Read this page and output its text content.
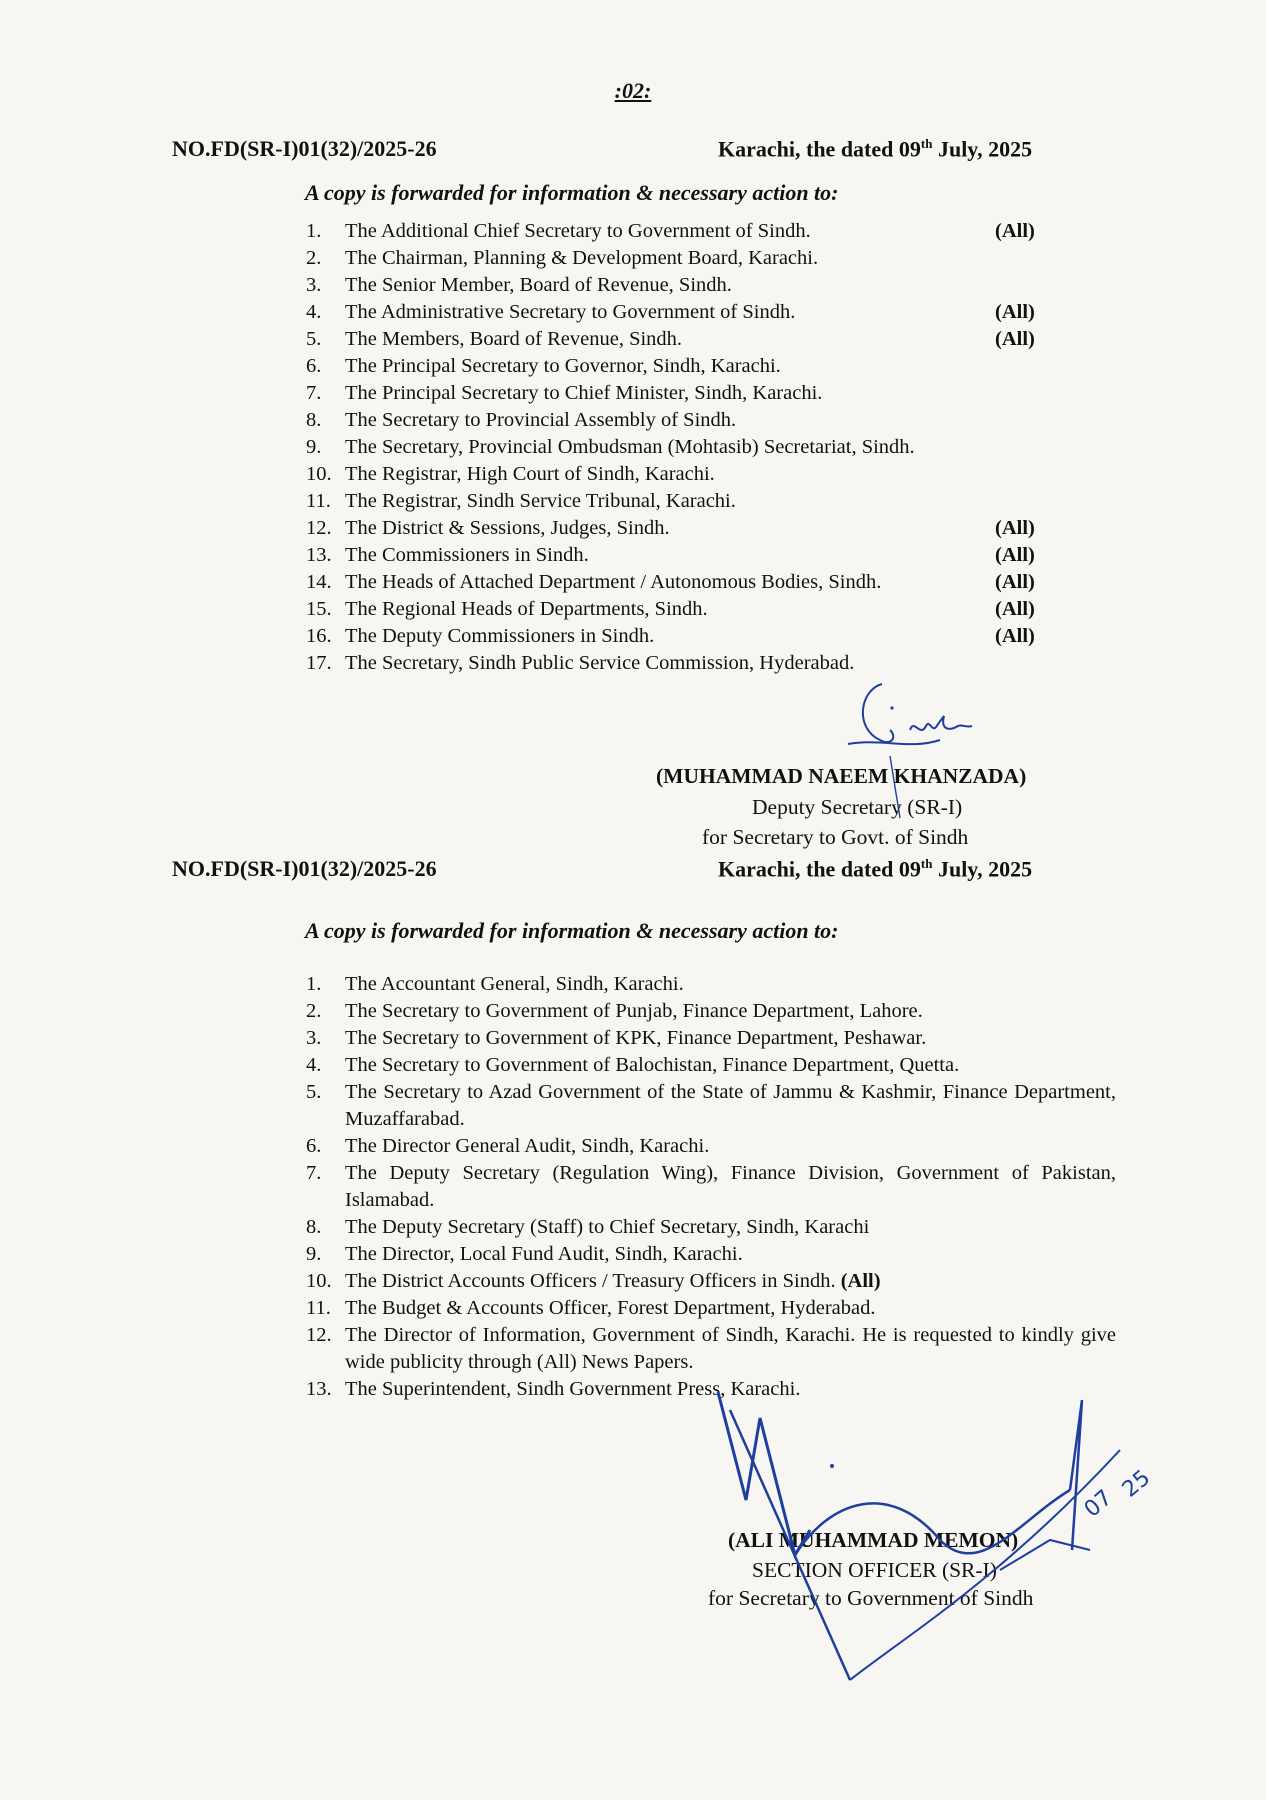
:02:
NO.FD(SR-I)01(32)/2025-26	Karachi, the dated 09th July, 2025
A copy is forwarded for information & necessary action to:
1.	The Additional Chief Secretary to Government of Sindh.	(All)
2.	The Chairman, Planning & Development Board, Karachi.
3.	The Senior Member, Board of Revenue, Sindh.
4.	The Administrative Secretary to Government of Sindh.	(All)
5.	The Members, Board of Revenue, Sindh.	(All)
6.	The Principal Secretary to Governor, Sindh, Karachi.
7.	The Principal Secretary to Chief Minister, Sindh, Karachi.
8.	The Secretary to Provincial Assembly of Sindh.
9.	The Secretary, Provincial Ombudsman (Mohtasib) Secretariat, Sindh.
10. The Registrar, High Court of Sindh, Karachi.
11. The Registrar, Sindh Service Tribunal, Karachi.
12. The District & Sessions, Judges, Sindh.	(All)
13. The Commissioners in Sindh.	(All)
14. The Heads of Attached Department / Autonomous Bodies, Sindh.	(All)
15. The Regional Heads of Departments, Sindh.	(All)
16. The Deputy Commissioners in Sindh.	(All)
17. The Secretary, Sindh Public Service Commission, Hyderabad.
(MUHAMMAD NAEEM KHANZADA)
Deputy Secretary (SR-I)
for Secretary to Govt. of Sindh
NO.FD(SR-I)01(32)/2025-26	Karachi, the dated 09th July, 2025
A copy is forwarded for information & necessary action to:
1.	The Accountant General, Sindh, Karachi.
2.	The Secretary to Government of Punjab, Finance Department, Lahore.
3.	The Secretary to Government of KPK, Finance Department, Peshawar.
4.	The Secretary to Government of Balochistan, Finance Department, Quetta.
5.	The Secretary to Azad Government of the State of Jammu & Kashmir, Finance Department, Muzaffarabad.
6.	The Director General Audit, Sindh, Karachi.
7.	The Deputy Secretary (Regulation Wing), Finance Division, Government of Pakistan, Islamabad.
8.	The Deputy Secretary (Staff) to Chief Secretary, Sindh, Karachi
9.	The Director, Local Fund Audit, Sindh, Karachi.
10. The District Accounts Officers / Treasury Officers in Sindh. (All)
11. The Budget & Accounts Officer, Forest Department, Hyderabad.
12. The Director of Information, Government of Sindh, Karachi. He is requested to kindly give wide publicity through (All) News Papers.
13. The Superintendent, Sindh Government Press, Karachi.
(ALI MUHAMMAD MEMON)
SECTION OFFICER (SR-I)
for Secretary to Government of Sindh
07
25
